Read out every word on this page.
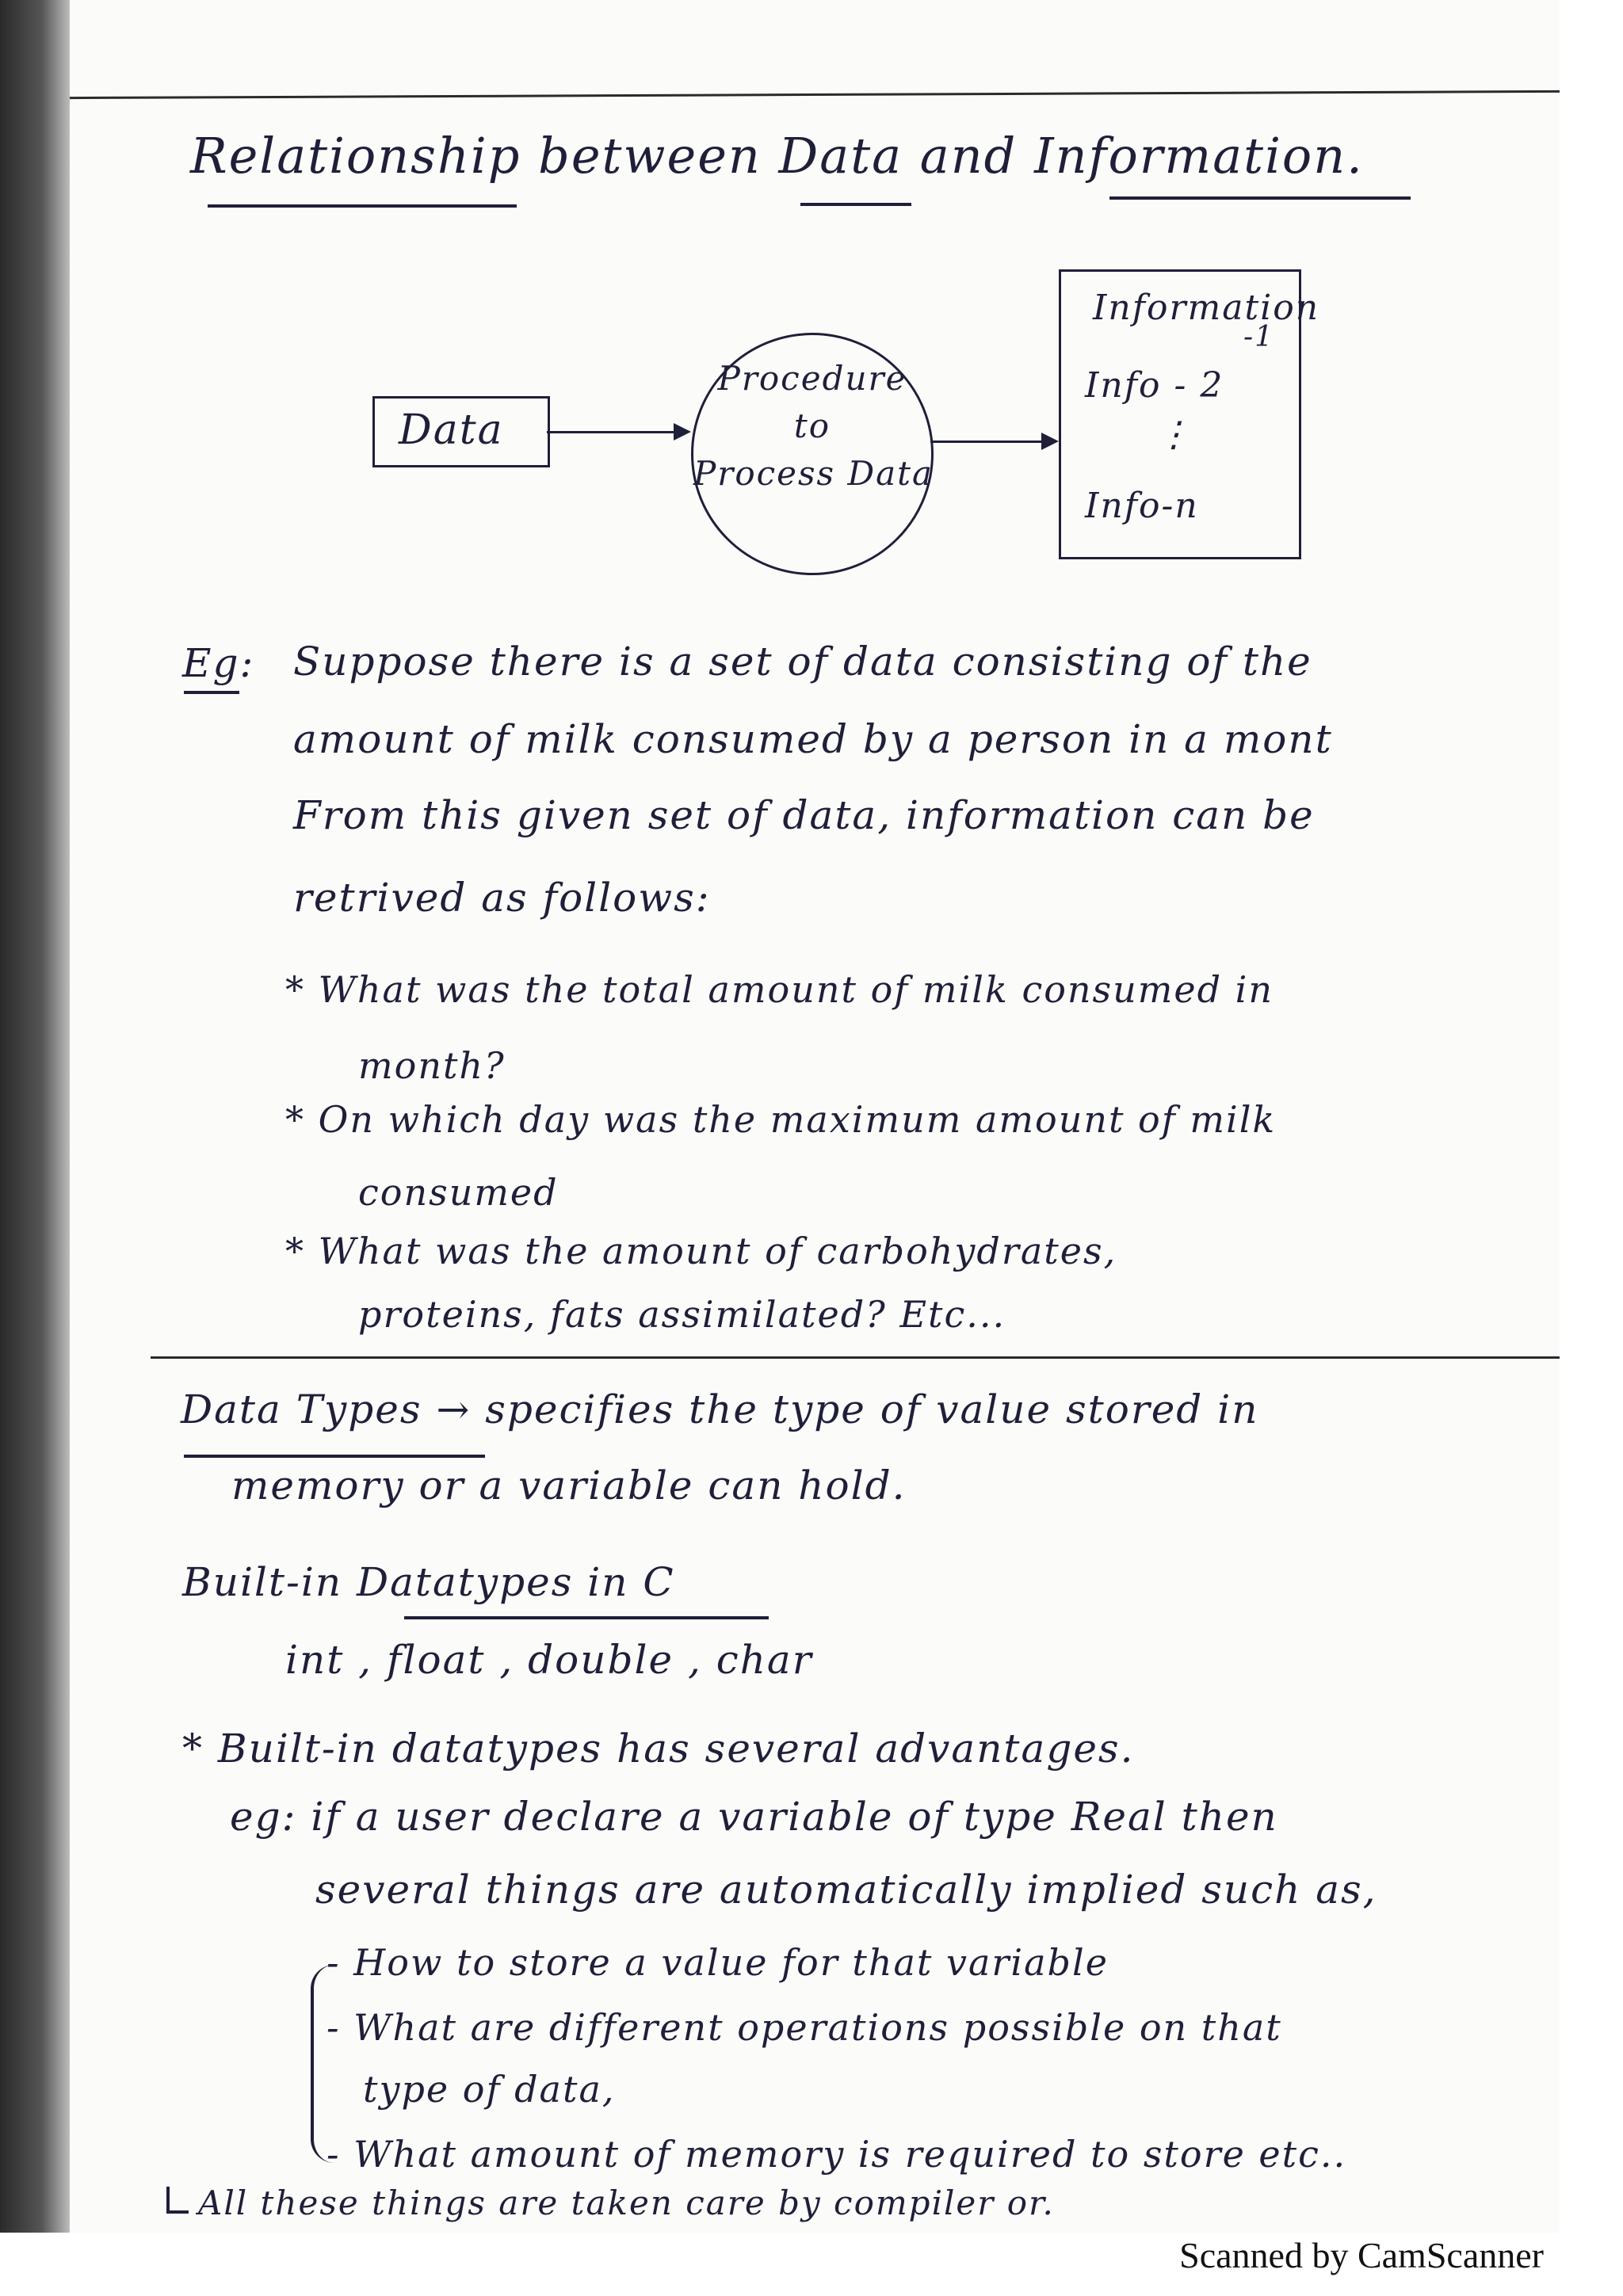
Relationship between Data and Information.
Data
Procedure
to
Process Data
Information
-1
Info - 2
⋮
Info-n
Eg: Suppose there is a set of data consisting of the
amount of milk consumed by a person in a mont
From this given set of data, information can be
retrived as follows:
* What was the total amount of milk consumed in
month?
* On which day was the maximum amount of milk
consumed
* What was the amount of carbohydrates,
proteins, fats assimilated? Etc...
Data Types → specifies the type of value stored in
memory or a variable can hold.
Built-in Datatypes in C
int , float , double , char
* Built-in datatypes has several advantages.
eg: if a user declare a variable of type Real then
several things are automatically implied such as,
- How to store a value for that variable
- What are different operations possible on that
type of data,
- What amount of memory is required to store etc..
All these things are taken care by compiler or.
Scanned by CamScanner
